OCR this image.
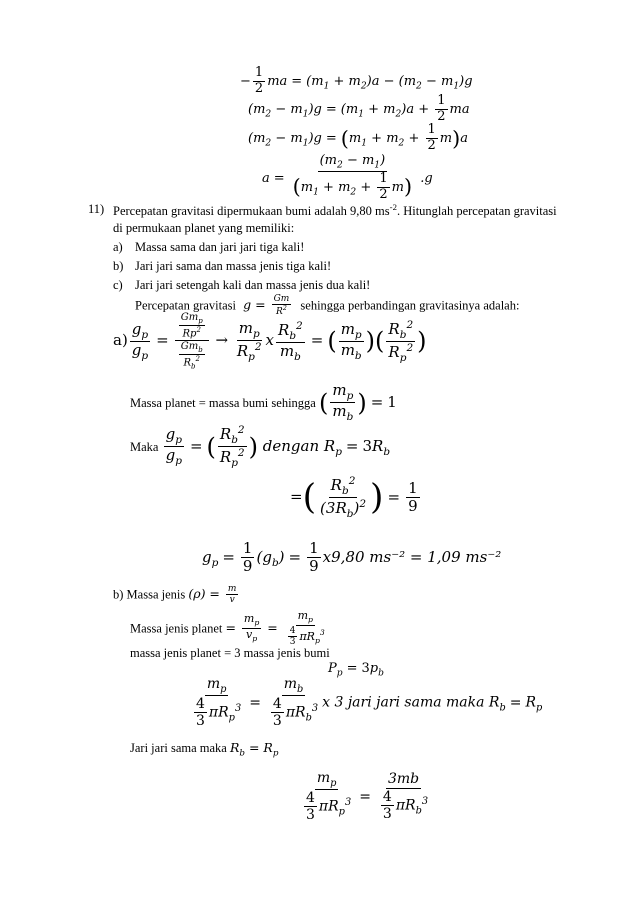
− $\frac{1}{2}$ ma = $(m_1 + m_2)a - (m_2 - m_1)g$
$(m_2 - m_1)g = (m_1 + m_2)a + \frac{1}{2}$ ma
$(m_2 - m_1)g = (m_1 + m_2 + \frac{1}{2} m)a$
$a = \frac{(m_2 - m_1)}{(m_1 + m_2 + \frac{1}{2} m)} .g$
11) Percepatan gravitasi dipermukaan bumi adalah 9,80 $ms^{-2}$. Hitunglah percepatan gravitasi
di permukaan planet yang memiliki:
a) Massa sama dan jari jari tiga kali!
b) Jari jari sama dan massa jenis tiga kali!
c) Jari jari setengah kali dan massa jenis dua kali!
Percepatan gravitasi $g = \frac{Gm}{R^2}$ sehingga perbandingan gravitasinya adalah:
$a) \frac{g_p}{g_p} = \frac{\frac{Gm_p}{Rp^2}}{\frac{Gm_b}{R_b^2}} \to \frac{m_p}{R_p^2}$ x $\frac{R_b^2}{m_b}$ = ( $\frac{m_p}{m_b}$ )( $\frac{R_b^2}{R_p^2}$ )
Massa planet = massa bumi sehingga ( $\frac{m_p}{m_b}$ ) = 1
Maka $\frac{g_p}{g_p}$ = ( $\frac{R_b^2}{R_p^2}$ ) dengan $R_p = 3R_b$
=( $\frac{R_b^2}{(3R_b)^2}$ ) = $\frac{1}{9}$
$g_p = \frac{1}{9} (g_b) = \frac{1}{9} x9,80$ ms⁻² = 1,09 ms⁻²
b) Massa jenis $(\rho) = \frac{m}{v}$
Massa jenis planet = $\frac{m_p}{v_p} = \frac{m_p}{\frac{4}{3} \pi R_p^3}$
massa jenis planet = 3 massa jenis bumi
$P_p = 3p_b$
$\frac{m_p}{\frac{4}{3} \pi R_p^3} = \frac{m_b}{\frac{4}{3} \pi R_b^3}$ x 3 jari jari sama maka $R_b = R_p$
Jari jari sama maka $R_b = R_p$
$\frac{m_p}{\frac{4}{3} \pi R_p^3} = \frac{3mb}{\frac{4}{3} \pi R_b^3}$
